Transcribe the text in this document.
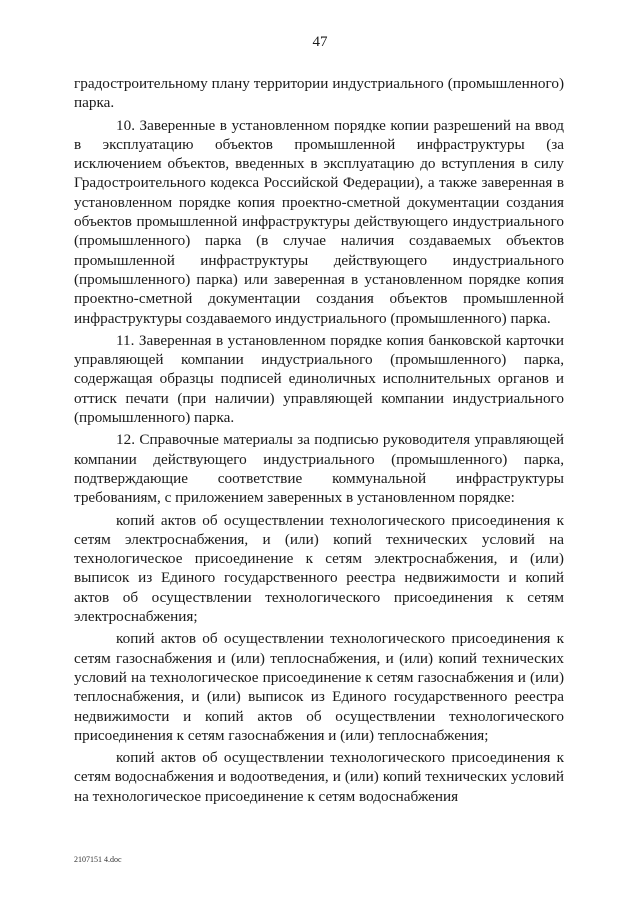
47

градостроительному плану территории индустриального (промышленного) парка.

10. Заверенные в установленном порядке копии разрешений на ввод в эксплуатацию объектов промышленной инфраструктуры (за исключением объектов, введенных в эксплуатацию до вступления в силу Градостроительного кодекса Российской Федерации), а также заверенная в установленном порядке копия проектно-сметной документации создания объектов промышленной инфраструктуры действующего индустриального (промышленного) парка (в случае наличия создаваемых объектов промышленной инфраструктуры действующего индустриального (промышленного) парка) или заверенная в установленном порядке копия проектно-сметной документации создания объектов промышленной инфраструктуры создаваемого индустриального (промышленного) парка.

11. Заверенная в установленном порядке копия банковской карточки управляющей компании индустриального (промышленного) парка, содержащая образцы подписей единоличных исполнительных органов и оттиск печати (при наличии) управляющей компании индустриального (промышленного) парка.

12. Справочные материалы за подписью руководителя управляющей компании действующего индустриального (промышленного) парка, подтверждающие соответствие коммунальной инфраструктуры требованиям, с приложением заверенных в установленном порядке:

копий актов об осуществлении технологического присоединения к сетям электроснабжения, и (или) копий технических условий на технологическое присоединение к сетям электроснабжения, и (или) выписок из Единого государственного реестра недвижимости и копий актов об осуществлении технологического присоединения к сетям электроснабжения;

копий актов об осуществлении технологического присоединения к сетям газоснабжения и (или) теплоснабжения, и (или) копий технических условий на технологическое присоединение к сетям газоснабжения и (или) теплоснабжения, и (или) выписок из Единого государственного реестра недвижимости и копий актов об осуществлении технологического присоединения к сетям газоснабжения и (или) теплоснабжения;

копий актов об осуществлении технологического присоединения к сетям водоснабжения и водоотведения, и (или) копий технических условий на технологическое присоединение к сетям водоснабжения

2107151 4.doc
